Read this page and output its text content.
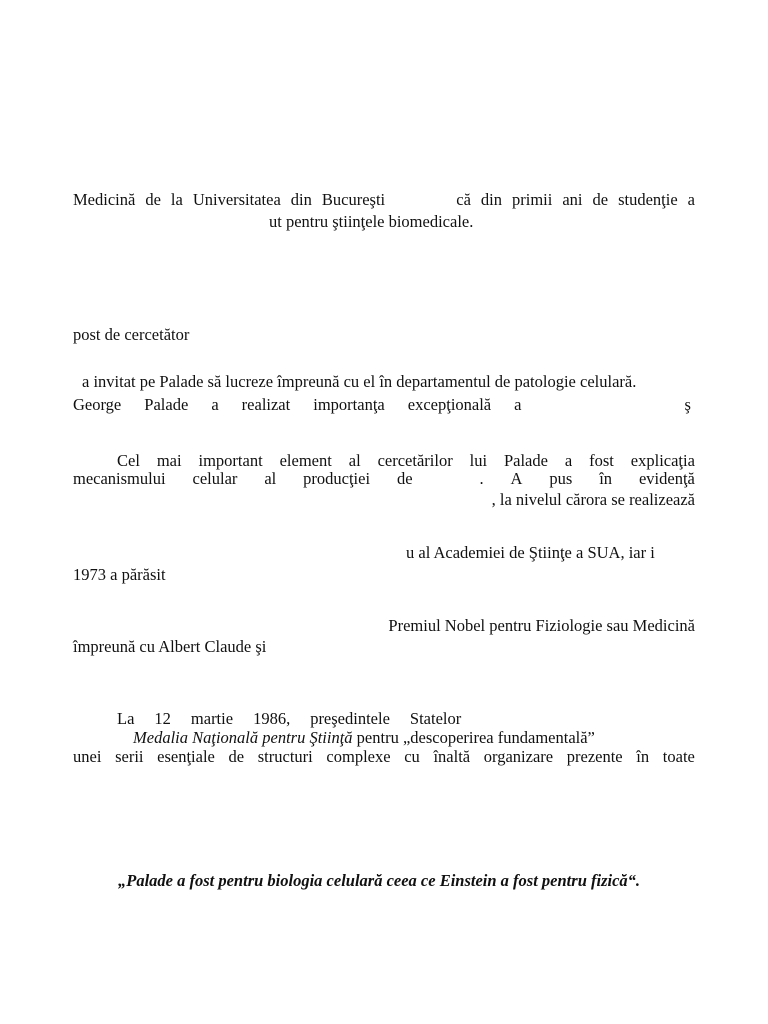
Medicină de la Universitatea din Bucureşti	că din primii ani de studenţie a
ut pentru ştiinţele biomedicale.
post de cercetător
a invitat pe Palade să lucreze împreună cu el în departamentul de patologie celulară.
George Palade a realizat importanţa excepţională a	ş
Cel mai important element al cercetărilor lui Palade a fost explicaţia
mecanismului celular al producţiei de	. A pus în evidenţă
, la nivelul cărora se realizează
u al Academiei de Ştiinţe a SUA, iar i
1973 a părăsit
Premiul Nobel pentru Fiziologie sau Medicină
împreună cu Albert Claude şi
La 12 martie 1986, preşedintele Statelor
Medalia Naţională pentru Ştiinţă pentru „descoperirea fundamentală”
unei serii esenţiale de structuri complexe cu înaltă organizare prezente în toate
„Palade a fost pentru biologia celulară ceea ce Einstein a fost pentru fizică“.
